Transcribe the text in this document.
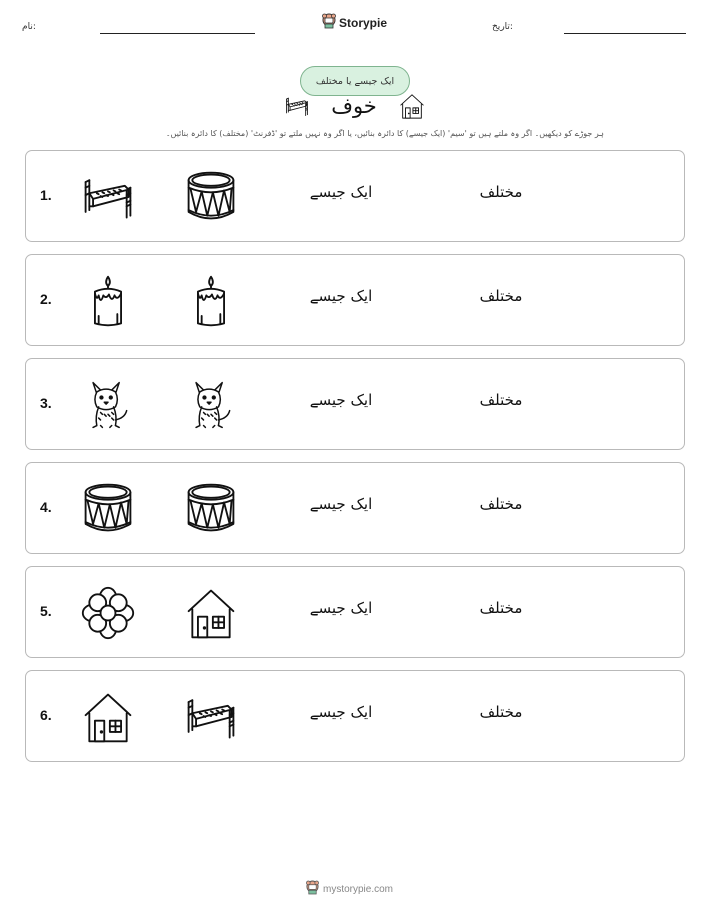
نام:	Storypie	تاریخ:
ایک جیسے یا مختلف
خوف
ہر جوڑے کو دیکھیں۔ اگر وہ ملتے ہیں تو 'سیم' (ایک جیسے) کا دائرہ بنائیں، یا اگر وہ نہیں ملتے تو 'ڈفرنٹ' (مختلف) کا دائرہ بنائیں۔
1.	ایک جیسے	مختلف
2.	ایک جیسے	مختلف
3.	ایک جیسے	مختلف
4.	ایک جیسے	مختلف
5.	ایک جیسے	مختلف
6.	ایک جیسے	مختلف
mystorypie.com
